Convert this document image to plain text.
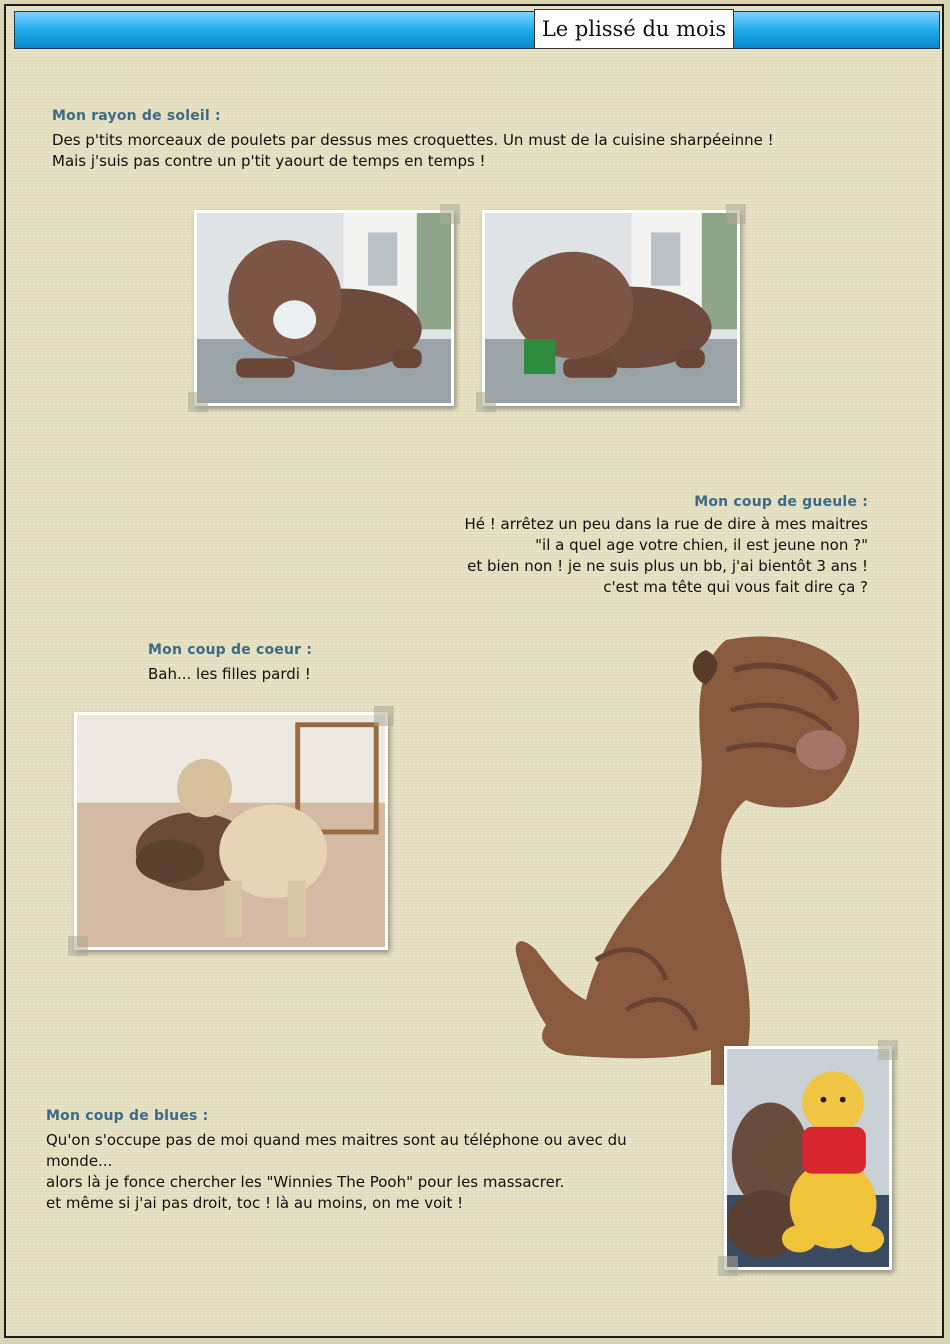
Le plissé du mois
Mon rayon de soleil :
Des p'tits morceaux de poulets par dessus mes croquettes. Un must de la cuisine sharpéeinne !
Mais j'suis pas contre un p'tit yaourt de temps en temps !
Mon coup de gueule :
Hé ! arrêtez un peu dans la rue de dire à mes maitres
"il a quel age votre chien, il est jeune non ?"
et bien non ! je ne suis plus un bb, j'ai bientôt 3 ans !
c'est ma tête qui vous fait dire ça ?
Mon coup de coeur :
Bah... les filles pardi !
Mon coup de blues :
Qu'on s'occupe pas de moi quand mes maitres sont au téléphone ou avec du
monde...
alors là je fonce chercher les "Winnies The Pooh" pour les massacrer.
et même si j'ai pas droit, toc ! là au moins, on me voit !
